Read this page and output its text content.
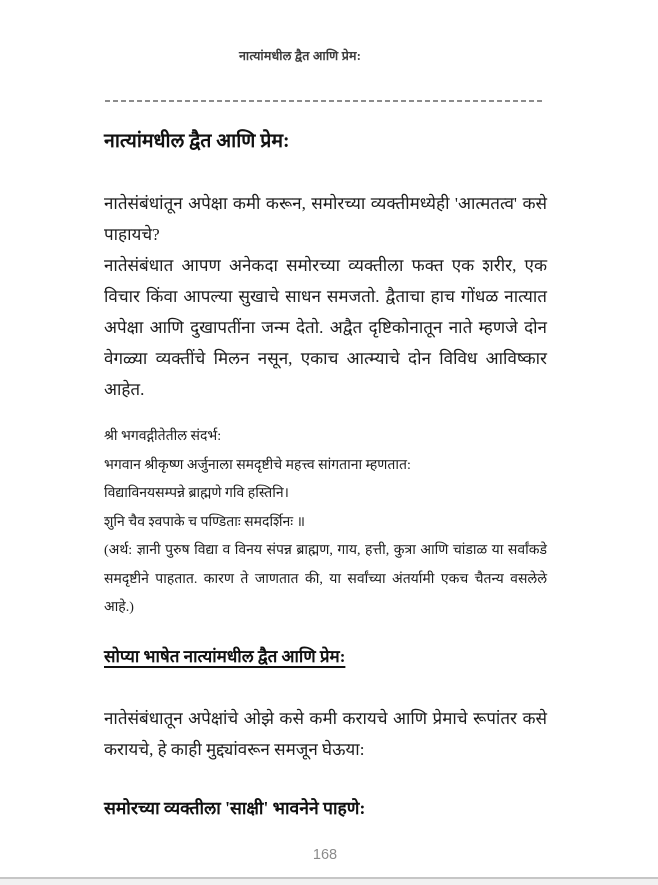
नात्यांमधील द्वैत आणि प्रेम:
नात्यांमधील द्वैत आणि प्रेम:

नातेसंबंधांतून अपेक्षा कमी करून, समोरच्या व्यक्तीमध्येही 'आत्मतत्व' कसे पाहायचे?

नातेसंबंधात आपण अनेकदा समोरच्या व्यक्तीला फक्त एक शरीर, एक विचार किंवा आपल्या सुखाचे साधन समजतो. द्वैताचा हाच गोंधळ नात्यात अपेक्षा आणि दुखापतींना जन्म देतो. अद्वैत दृष्टिकोनातून नाते म्हणजे दोन वेगळ्या व्यक्तींचे मिलन नसून, एकाच आत्म्याचे दोन विविध आविष्कार आहेत.

श्री भगवद्गीतेतील संदर्भ:
भगवान श्रीकृष्ण अर्जुनाला समदृष्टीचे महत्त्व सांगताना म्हणतात:
विद्याविनयसम्पन्ने ब्राह्मणे गवि हस्तिनि।
शुनि चैव श्वपाके च पण्डिताः समदर्शिनः ॥
(अर्थ: ज्ञानी पुरुष विद्या व विनय संपन्न ब्राह्मण, गाय, हत्ती, कुत्रा आणि चांडाळ या सर्वांकडे समदृष्टीने पाहतात. कारण ते जाणतात की, या सर्वांच्या अंतर्यामी एकच चैतन्य वसलेले आहे.)
सोप्या भाषेत नात्यांमधील द्वैत आणि प्रेम:

नातेसंबंधातून अपेक्षांचे ओझे कसे कमी करायचे आणि प्रेमाचे रूपांतर कसे करायचे, हे काही मुद्द्यांवरून समजून घेऊया:

समोरच्या व्यक्तीला 'साक्षी' भावनेने पाहणे:
168
